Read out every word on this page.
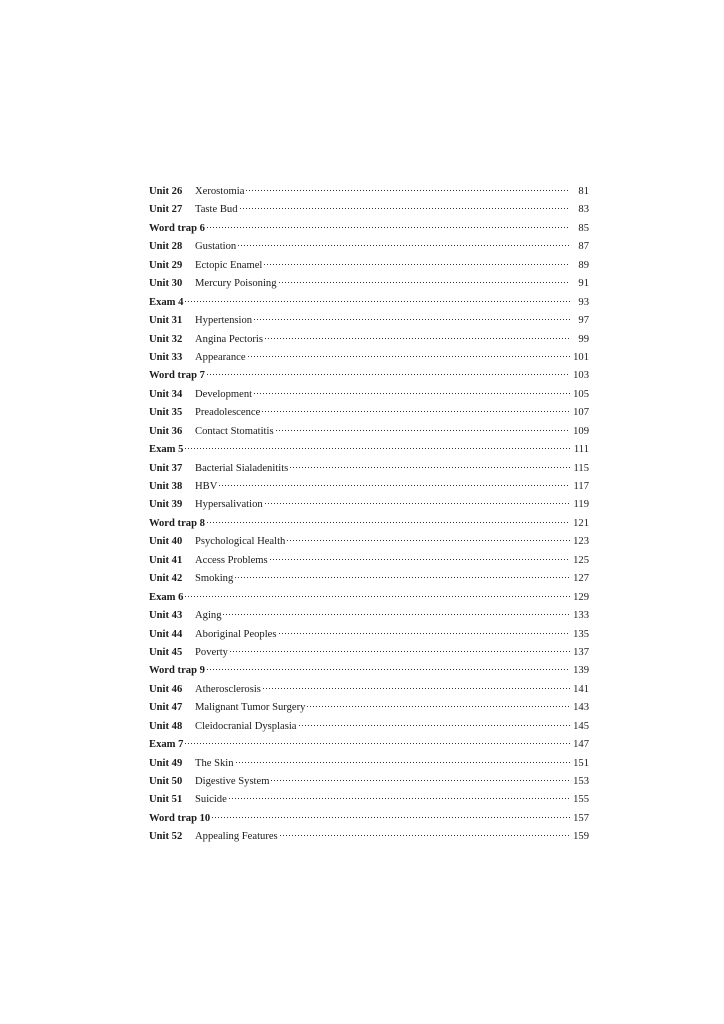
Unit 26	Xerostomia	81
Unit 27	Taste Bud	83
Word trap 6	85
Unit 28	Gustation	87
Unit 29	Ectopic Enamel	89
Unit 30	Mercury Poisoning	91
Exam 4	93
Unit 31	Hypertension	97
Unit 32	Angina Pectoris	99
Unit 33	Appearance	101
Word trap 7	103
Unit 34	Development	105
Unit 35	Preadolescence	107
Unit 36	Contact Stomatitis	109
Exam 5	111
Unit 37	Bacterial Sialadenitits	115
Unit 38	HBV	117
Unit 39	Hypersalivation	119
Word trap 8	121
Unit 40	Psychological Health	123
Unit 41	Access Problems	125
Unit 42	Smoking	127
Exam 6	129
Unit 43	Aging	133
Unit 44	Aboriginal Peoples	135
Unit 45	Poverty	137
Word trap 9	139
Unit 46	Atherosclerosis	141
Unit 47	Malignant Tumor Surgery	143
Unit 48	Cleidocranial Dysplasia	145
Exam 7	147
Unit 49	The Skin	151
Unit 50	Digestive System	153
Unit 51	Suicide	155
Word trap 10	157
Unit 52	Appealing Features	159
